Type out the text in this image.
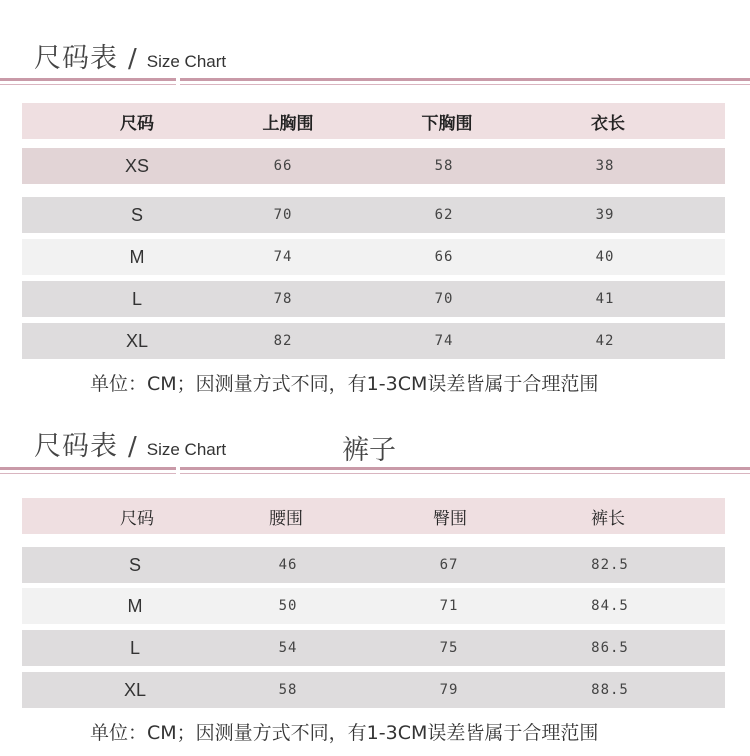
尺码表 / Size Chart
尺码	上胸围	下胸围	衣长
XS	66	58	38
S	70	62	39
M	74	66	40
L	78	70	41
XL	82	74	42
单位：CM；因测量方式不同，有1-3CM误差皆属于合理范围
尺码表 / Size Chart	裤子
尺码	腰围	臀围	裤长
S	46	67	82.5
M	50	71	84.5
L	54	75	86.5
XL	58	79	88.5
单位：CM；因测量方式不同，有1-3CM误差皆属于合理范围
